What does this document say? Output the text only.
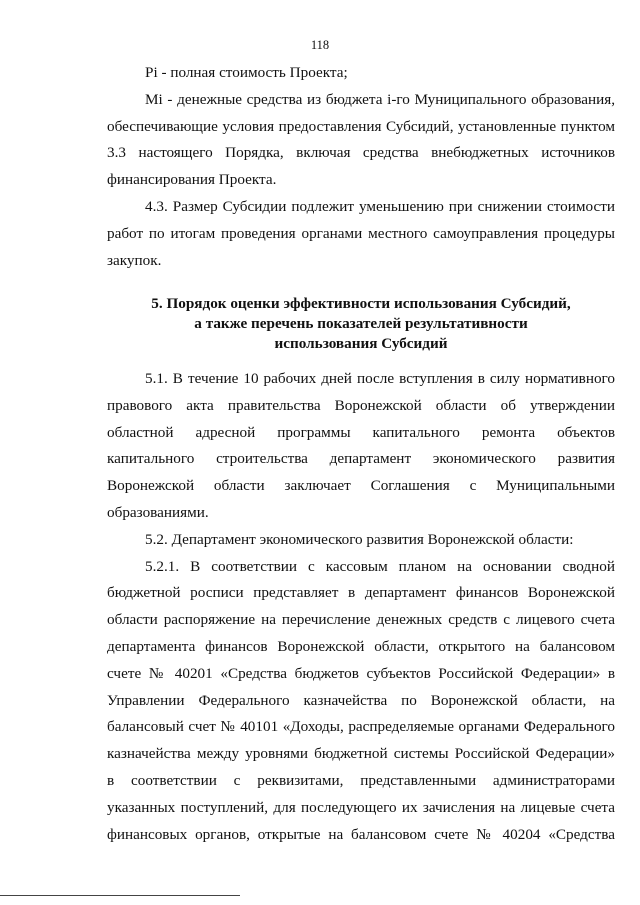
118
Pi - полная стоимость Проекта;
Mi - денежные средства из бюджета i-го Муниципального образования,
обеспечивающие условия предоставления Субсидий, установленные пунктом
3.3 настоящего Порядка, включая средства внебюджетных источников
финансирования Проекта.
4.3. Размер Субсидии подлежит уменьшению при снижении стоимости
работ по итогам проведения органами местного самоуправления процедуры
закупок.
5. Порядок оценки эффективности использования Субсидий,
а также перечень показателей результативности
использования Субсидий
5.1. В течение 10 рабочих дней после вступления в силу нормативного
правового акта правительства Воронежской области об утверждении
областной адресной программы капитального ремонта объектов
капитального строительства департамент экономического развития
Воронежской области заключает Соглашения с Муниципальными
образованиями.
5.2. Департамент экономического развития Воронежской области:
5.2.1. В соответствии с кассовым планом на основании сводной
бюджетной росписи представляет в департамент финансов Воронежской
области распоряжение на перечисление денежных средств с лицевого счета
департамента финансов Воронежской области, открытого на балансовом
счете № 40201 «Средства бюджетов субъектов Российской Федерации» в
Управлении Федерального казначейства по Воронежской области, на
балансовый счет № 40101 «Доходы, распределяемые органами Федерального
казначейства между уровнями бюджетной системы Российской Федерации»
в соответствии с реквизитами, представленными администраторами
указанных поступлений, для последующего их зачисления на лицевые счета
финансовых органов, открытые на балансовом счете № 40204 «Средства
